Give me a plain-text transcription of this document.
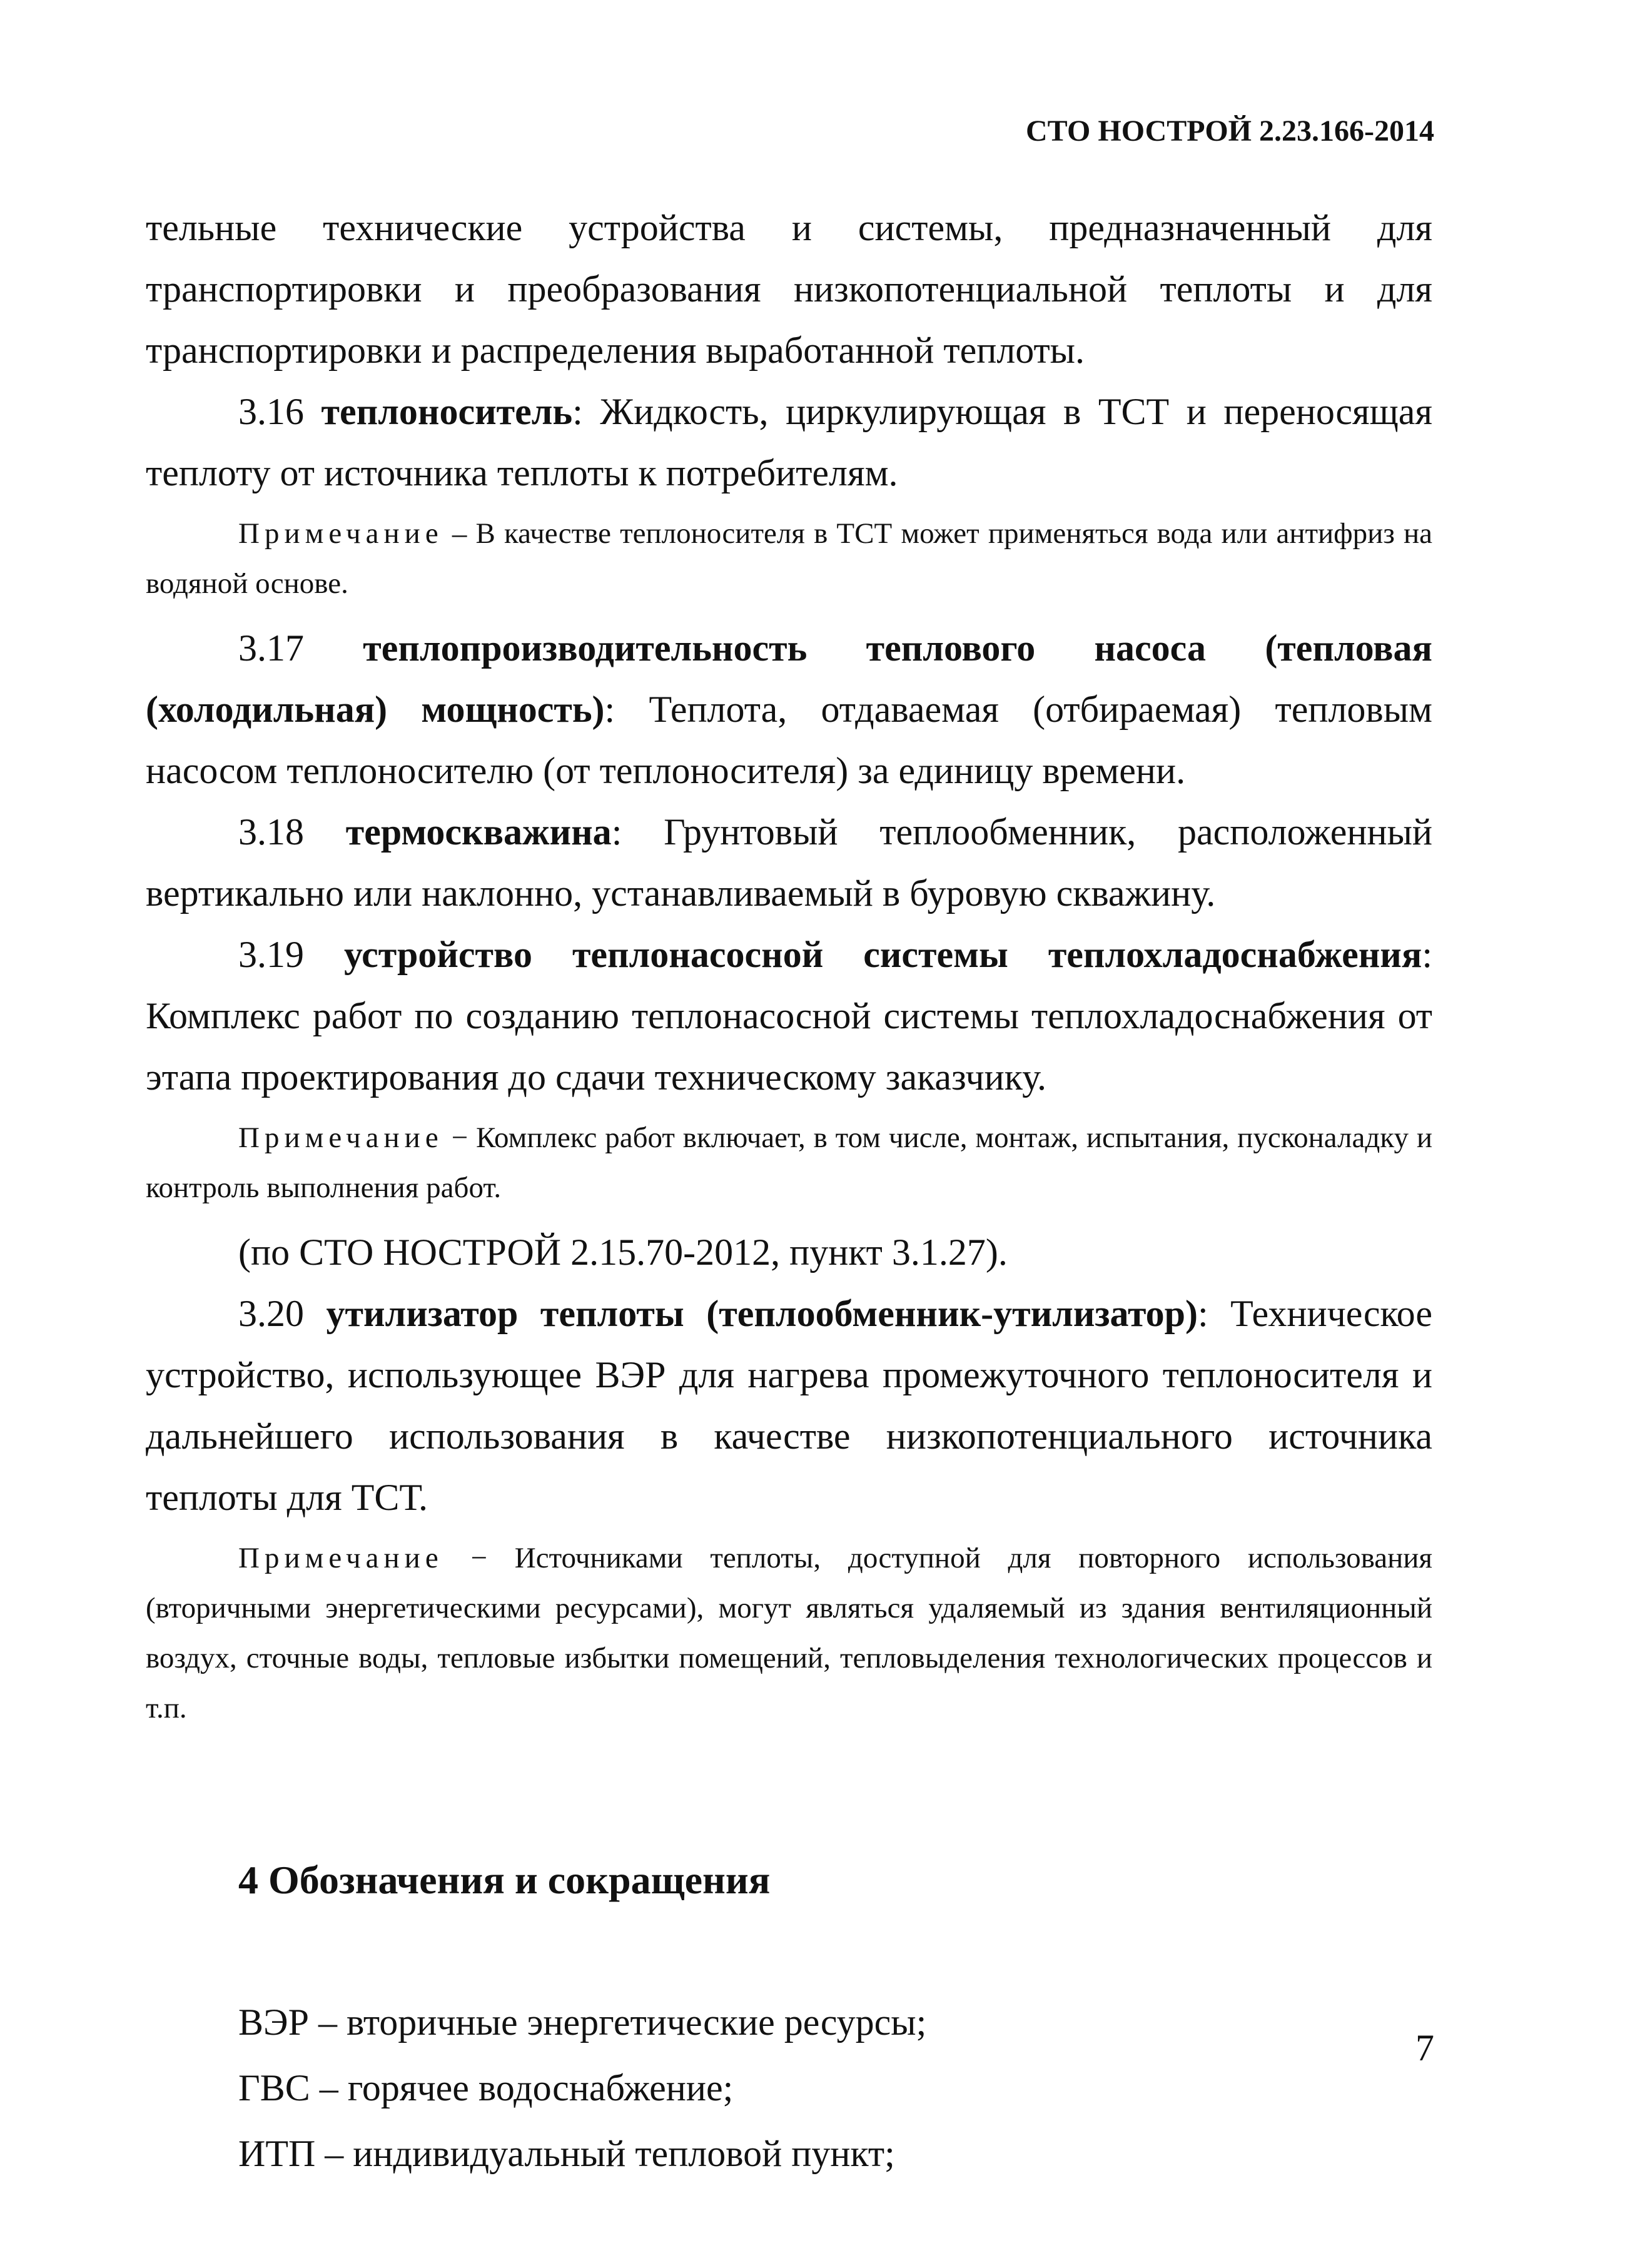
СТО НОСТРОЙ 2.23.166-2014

тельные технические устройства и системы, предназначенный для транспортировки и преобразования низкопотенциальной теплоты и для транспортировки и распределения выработанной теплоты.

3.16 теплоноситель: Жидкость, циркулирующая в ТСТ и переносящая теплоту от источника теплоты к потребителям.

Примечание – В качестве теплоносителя в ТСТ может применяться вода или антифриз на водяной основе.

3.17 теплопроизводительность теплового насоса (тепловая (холодильная) мощность): Теплота, отдаваемая (отбираемая) тепловым насосом теплоносителю (от теплоносителя) за единицу времени.

3.18 термоскважина: Грунтовый теплообменник, расположенный вертикально или наклонно, устанавливаемый в буровую скважину.

3.19 устройство теплонасосной системы теплохладоснабжения: Комплекс работ по созданию теплонасосной системы теплохладоснабжения от этапа проектирования до сдачи техническому заказчику.

Примечание − Комплекс работ включает, в том числе, монтаж, испытания, пусконаладку и контроль выполнения работ.

(по СТО НОСТРОЙ 2.15.70-2012, пункт 3.1.27).

3.20 утилизатор теплоты (теплообменник-утилизатор): Техническое устройство, использующее ВЭР для нагрева промежуточного теплоносителя и дальнейшего использования в качестве низкопотенциального источника теплоты для ТСТ.

Примечание − Источниками теплоты, доступной для повторного использования (вторичными энергетическими ресурсами), могут являться удаляемый из здания вентиляционный воздух, сточные воды, тепловые избытки помещений, тепловыделения технологических процессов и т.п.

4 Обозначения и сокращения
ВЭР – вторичные энергетические ресурсы;
ГВС – горячее водоснабжение;
ИТП – индивидуальный тепловой пункт;
7
